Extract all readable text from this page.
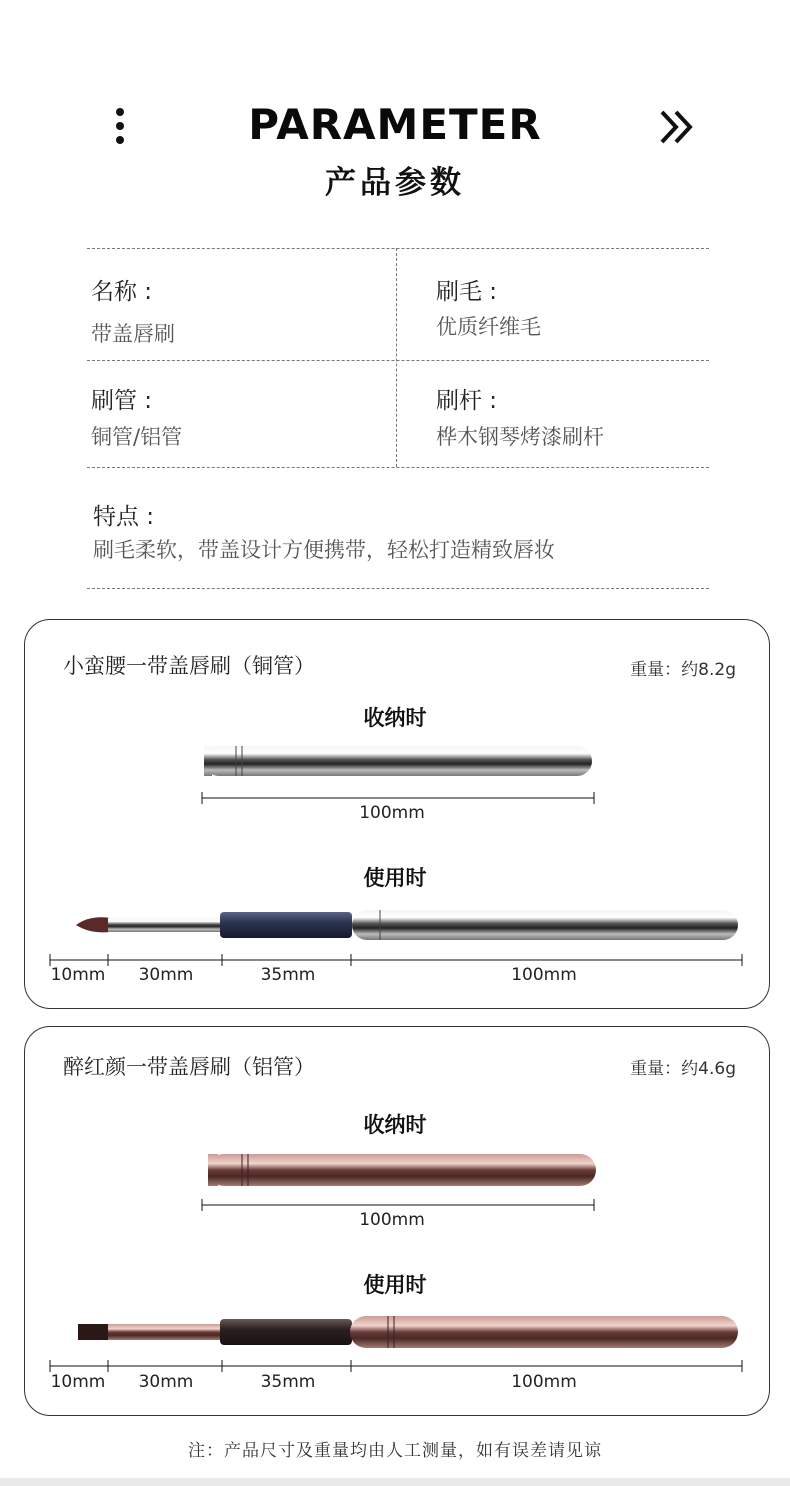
PARAMETER
产品参数
名称 :
带盖唇刷
刷毛 :
优质纤维毛
刷管 :
铜管/铝管
刷杆 :
桦木钢琴烤漆刷杆
特点 :
刷毛柔软，带盖设计方便携带，轻松打造精致唇妆
小蛮腰一带盖唇刷（铜管）	重量：约8.2g
收纳时
100mm
使用时
10mm	30mm	35mm	100mm
醉红颜一带盖唇刷（铝管）	重量：约4.6g
收纳时
100mm
使用时
10mm	30mm	35mm	100mm
注：产品尺寸及重量均由人工测量，如有误差请见谅
